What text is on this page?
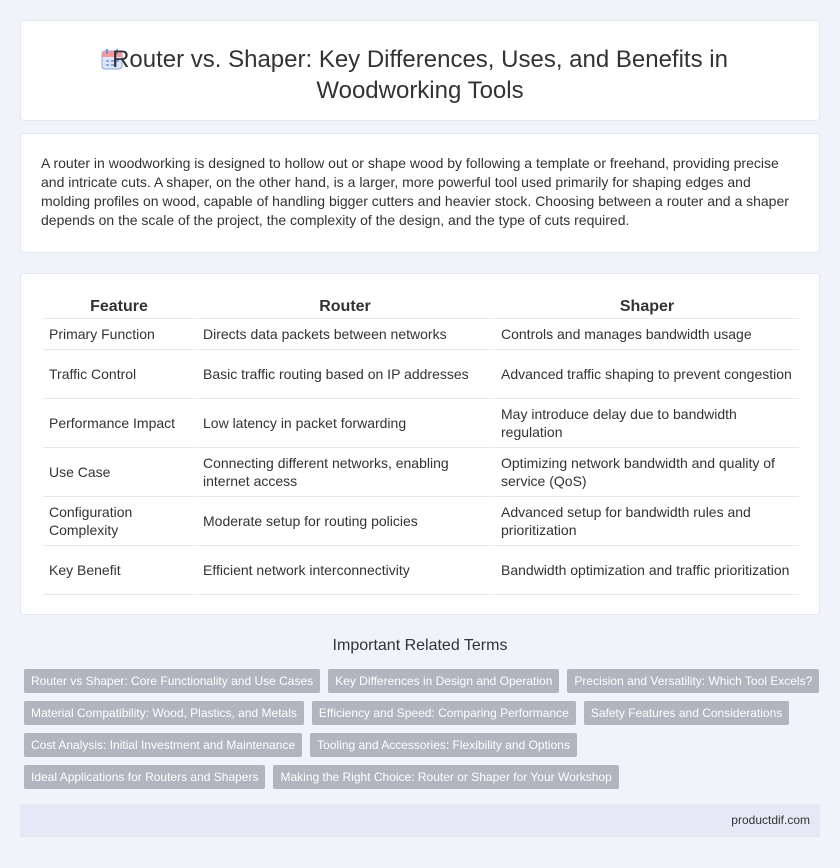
Router vs. Shaper: Key Differences, Uses, and Benefits in Woodworking Tools

A router in woodworking is designed to hollow out or shape wood by following a template or freehand, providing precise and intricate cuts. A shaper, on the other hand, is a larger, more powerful tool used primarily for shaping edges and molding profiles on wood, capable of handling bigger cutters and heavier stock. Choosing between a router and a shaper depends on the scale of the project, the complexity of the design, and the type of cuts required.

Feature	Router	Shaper
Primary Function	Directs data packets between networks	Controls and manages bandwidth usage
Traffic Control	Basic traffic routing based on IP addresses	Advanced traffic shaping to prevent congestion
Performance Impact	Low latency in packet forwarding	May introduce delay due to bandwidth regulation
Use Case	Connecting different networks, enabling internet access	Optimizing network bandwidth and quality of service (QoS)
Configuration Complexity	Moderate setup for routing policies	Advanced setup for bandwidth rules and prioritization
Key Benefit	Efficient network interconnectivity	Bandwidth optimization and traffic prioritization
Important Related Terms
Router vs Shaper: Core Functionality and Use Cases	Key Differences in Design and Operation	Precision and Versatility: Which Tool Excels?
Material Compatibility: Wood, Plastics, and Metals	Efficiency and Speed: Comparing Performance	Safety Features and Considerations
Cost Analysis: Initial Investment and Maintenance	Tooling and Accessories: Flexibility and Options
Ideal Applications for Routers and Shapers	Making the Right Choice: Router or Shaper for Your Workshop
productdif.com
